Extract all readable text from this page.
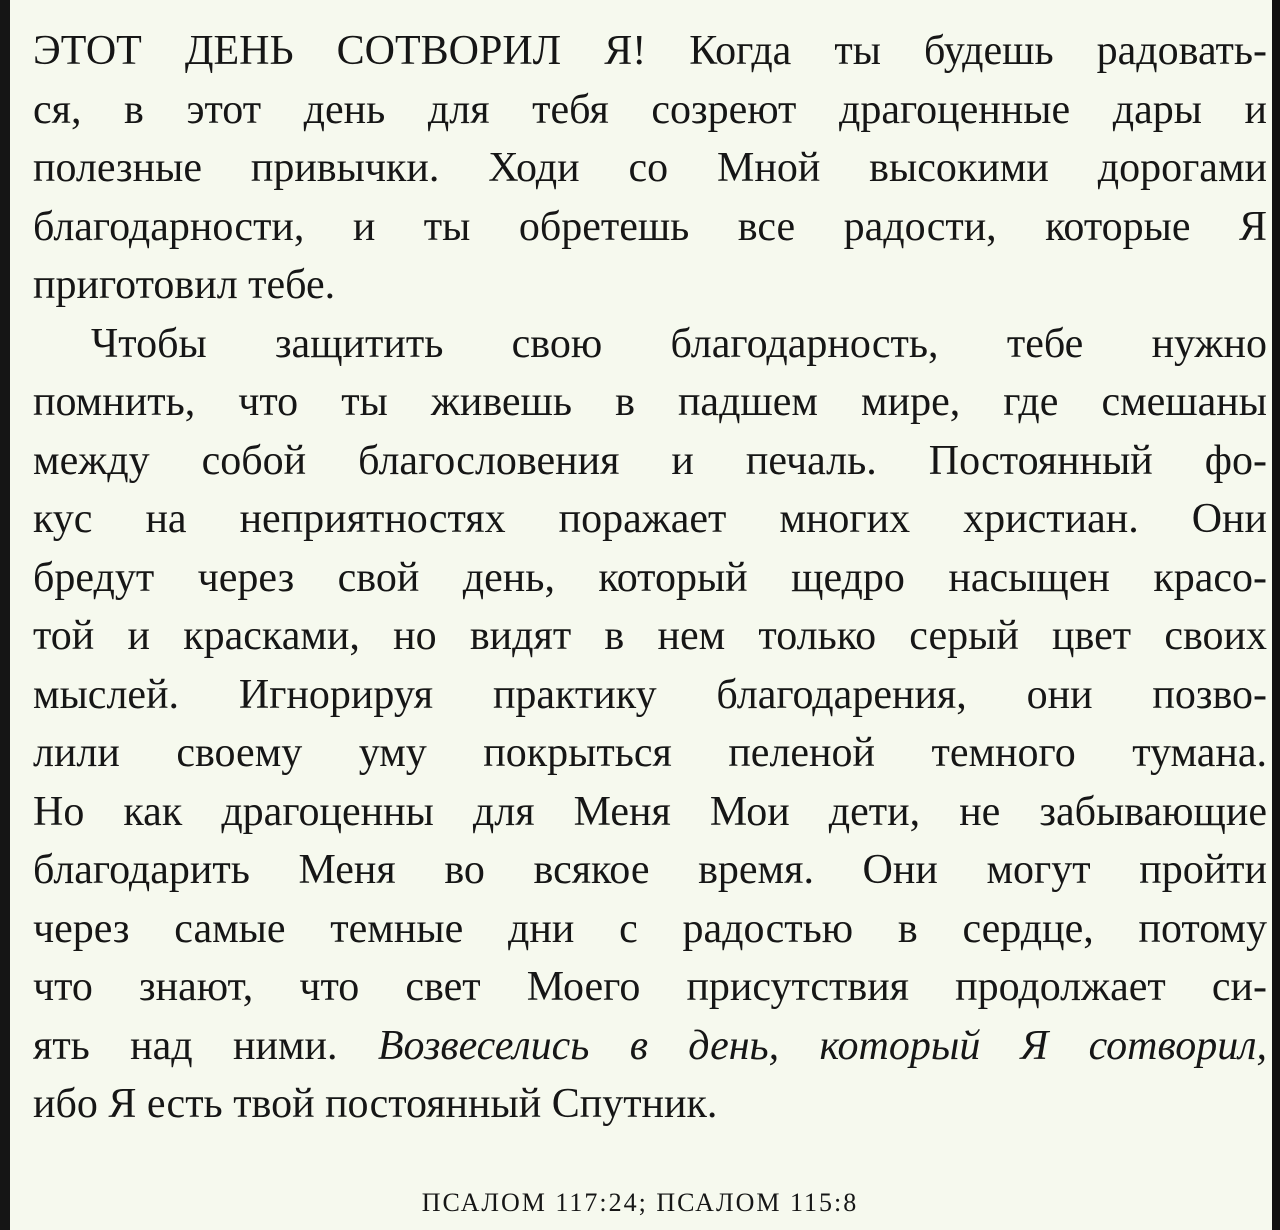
ЭТОТ ДЕНЬ СОТВОРИЛ Я! Когда ты будешь радовать-
ся, в этот день для тебя созреют драгоценные дары и
полезные привычки. Ходи со Мной высокими дорогами
благодарности, и ты обретешь все радости, которые Я
приготовил тебе.
Чтобы защитить свою благодарность, тебе нужно
помнить, что ты живешь в падшем мире, где смешаны
между собой благословения и печаль. Постоянный фо-
кус на неприятностях поражает многих христиан. Они
бредут через свой день, который щедро насыщен красо-
той и красками, но видят в нем только серый цвет своих
мыслей. Игнорируя практику благодарения, они позво-
лили своему уму покрыться пеленой темного тумана.
Но как драгоценны для Меня Мои дети, не забывающие
благодарить Меня во всякое время. Они могут пройти
через самые темные дни с радостью в сердце, потому
что знают, что свет Моего присутствия продолжает си-
ять над ними. Возвеселись в день, который Я сотворил,
ибо Я есть твой постоянный Спутник.
ПСАЛОМ 117:24; ПСАЛОМ 115:8
